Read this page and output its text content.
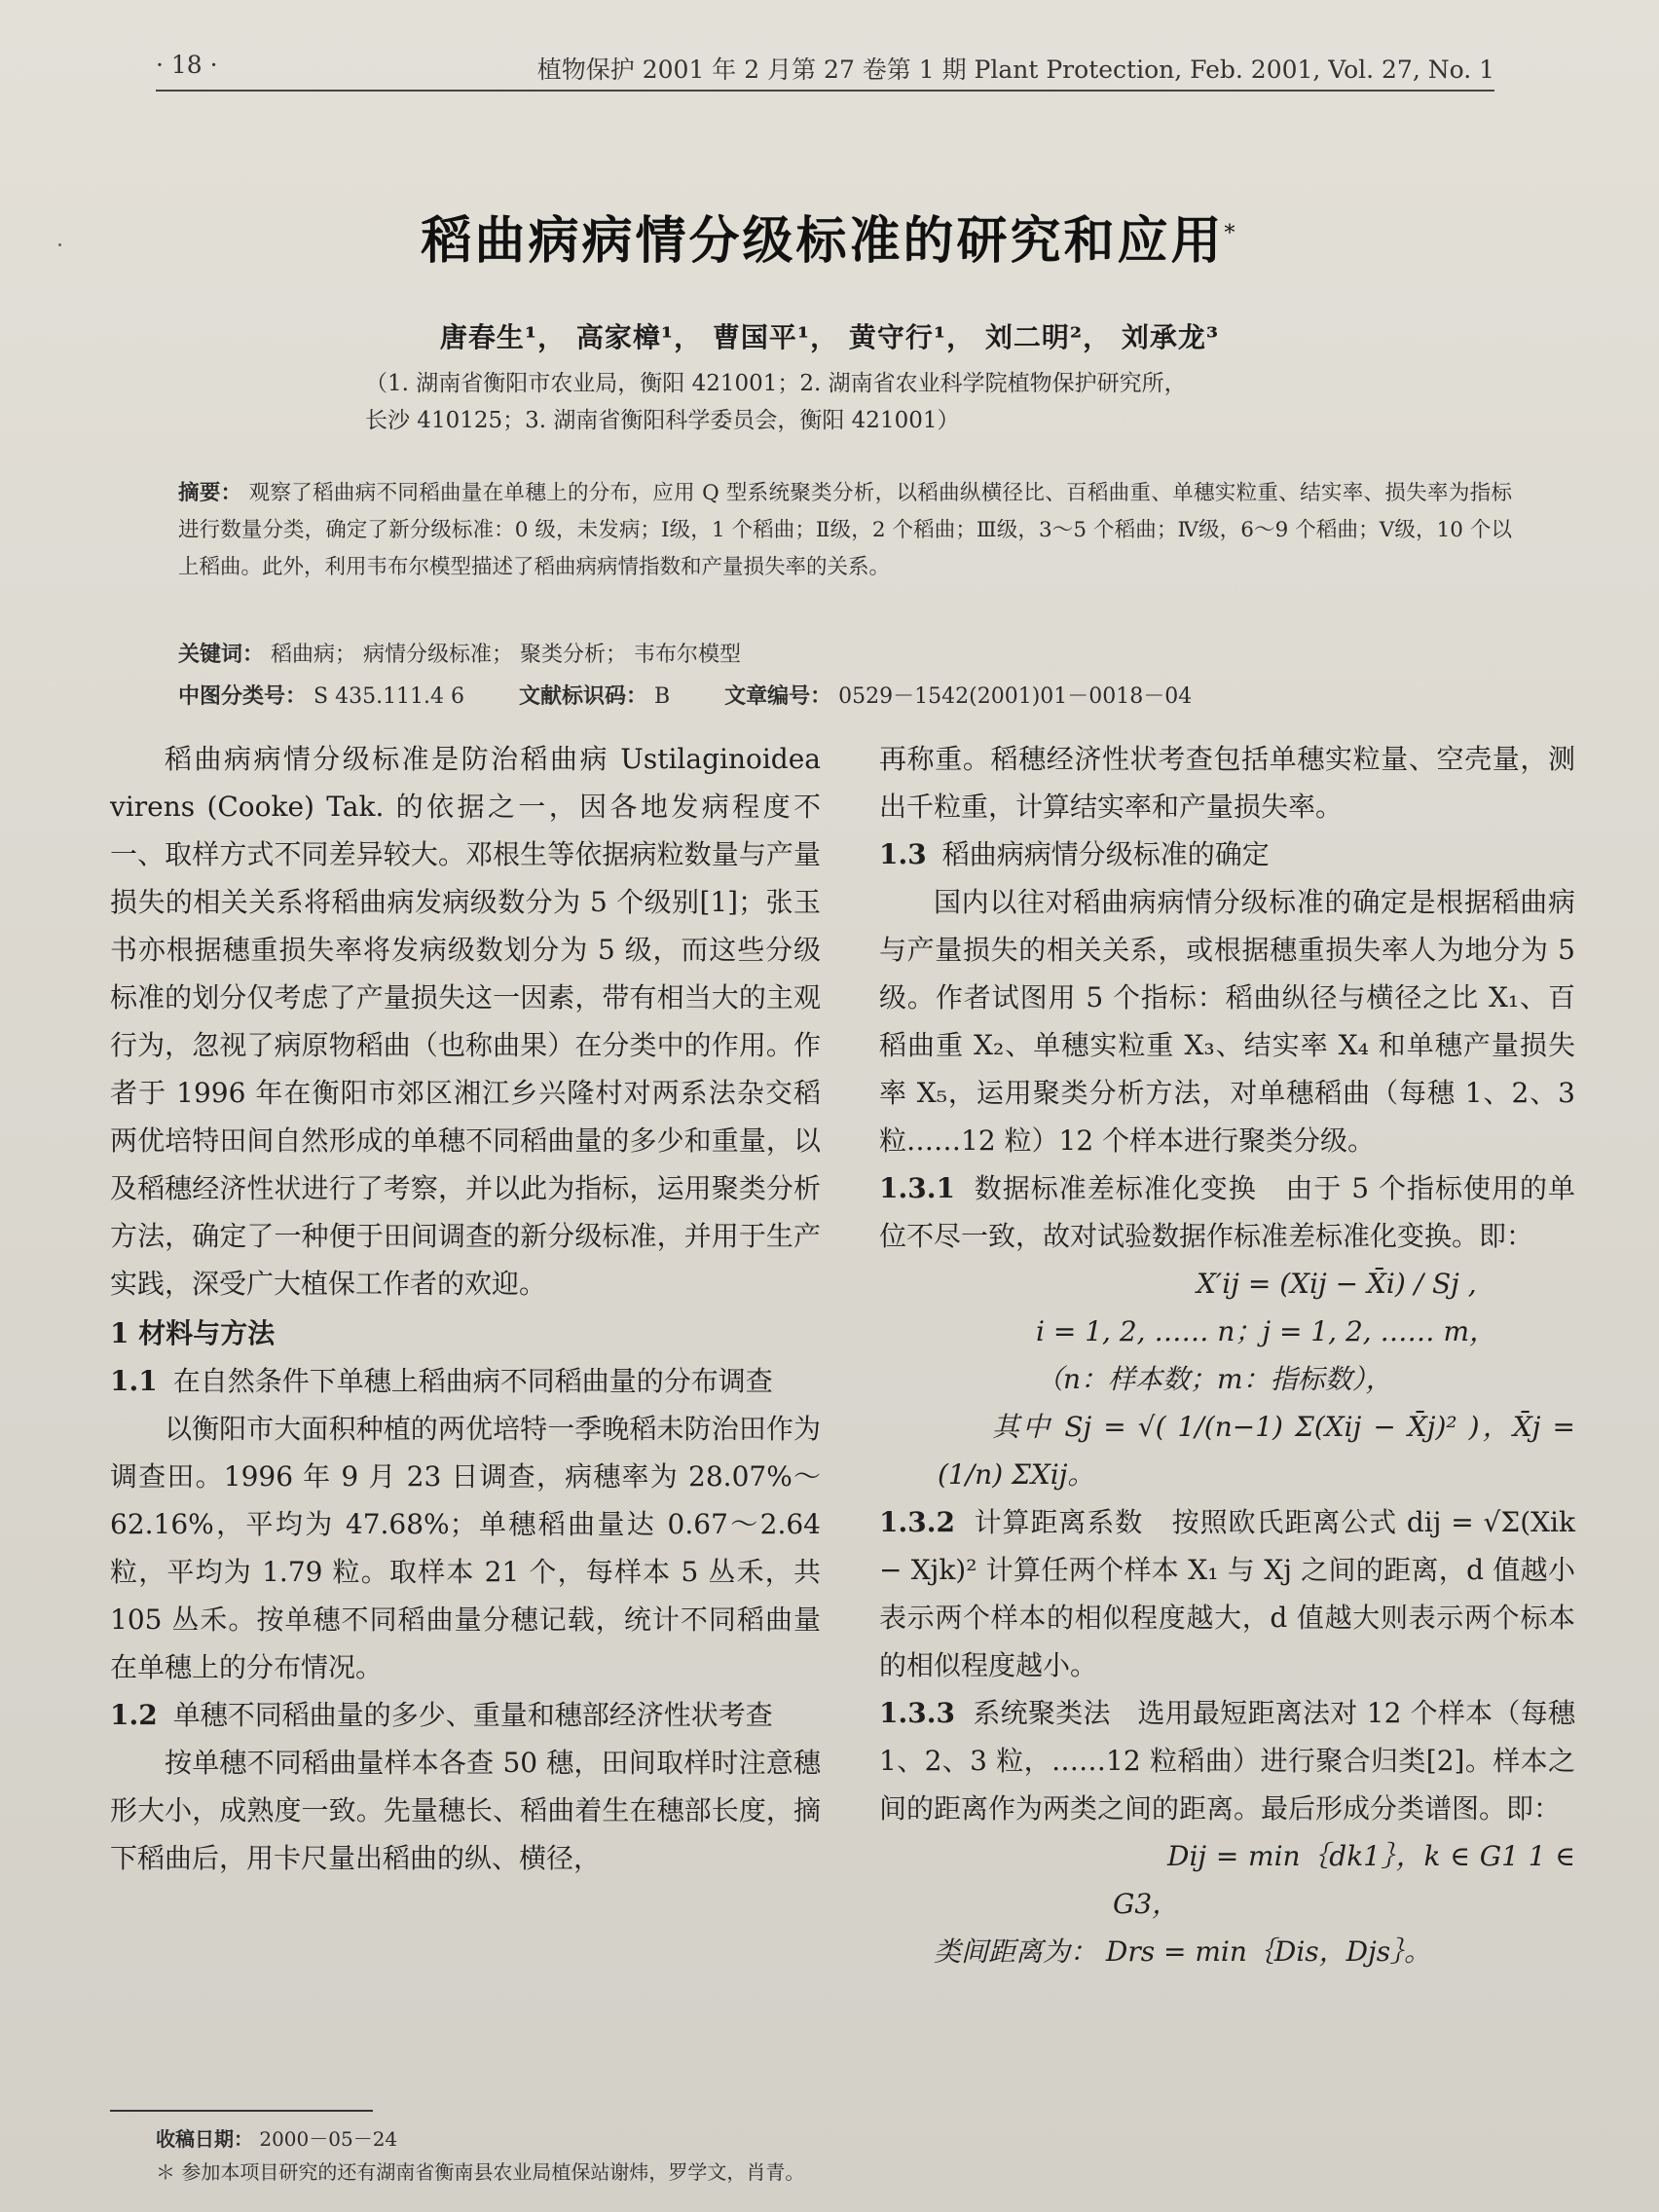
· 18 ·	植物保护 2001 年 2 月第 27 卷第 1 期 Plant Protection, Feb. 2001, Vol. 27, No. 1
稻曲病病情分级标准的研究和应用*
唐春生¹， 高家樟¹， 曹国平¹， 黄守行¹， 刘二明²， 刘承龙³
（1. 湖南省衡阳市农业局，衡阳 421001；2. 湖南省农业科学院植物保护研究所，
长沙 410125；3. 湖南省衡阳科学委员会，衡阳 421001）
摘要： 观察了稻曲病不同稻曲量在单穗上的分布，应用 Q 型系统聚类分析，以稻曲纵横径比、百稻曲重、单穗实粒重、结实率、损失率为指标进行数量分类，确定了新分级标准：0 级，未发病；Ⅰ级，1 个稻曲；Ⅱ级，2 个稻曲；Ⅲ级，3～5 个稻曲；Ⅳ级，6～9 个稻曲；Ⅴ级，10 个以上稻曲。此外，利用韦布尔模型描述了稻曲病病情指数和产量损失率的关系。
关键词： 稻曲病； 病情分级标准； 聚类分析； 韦布尔模型
中图分类号： S 435.111.4 6	文献标识码： B	文章编号： 0529－1542(2001)01－0018－04

稻曲病病情分级标准是防治稻曲病 Ustilaginoidea virens (Cooke) Tak. 的依据之一，因各地发病程度不一、取样方式不同差异较大。邓根生等依据病粒数量与产量损失的相关关系将稻曲病发病级数分为 5 个级别[1]；张玉书亦根据穗重损失率将发病级数划分为 5 级，而这些分级标准的划分仅考虑了产量损失这一因素，带有相当大的主观行为，忽视了病原物稻曲（也称曲果）在分类中的作用。作者于 1996 年在衡阳市郊区湘江乡兴隆村对两系法杂交稻两优培特田间自然形成的单穗不同稻曲量的多少和重量，以及稻穗经济性状进行了考察，并以此为指标，运用聚类分析方法，确定了一种便于田间调查的新分级标准，并用于生产实践，深受广大植保工作者的欢迎。

1 材料与方法

1.1 在自然条件下单穗上稻曲病不同稻曲量的分布调查

以衡阳市大面积种植的两优培特一季晚稻未防治田作为调查田。1996 年 9 月 23 日调查，病穗率为 28.07%～62.16%，平均为 47.68%；单穗稻曲量达 0.67～2.64 粒，平均为 1.79 粒。取样本 21 个，每样本 5 丛禾，共 105 丛禾。按单穗不同稻曲量分穗记载，统计不同稻曲量在单穗上的分布情况。

1.2 单穗不同稻曲量的多少、重量和穗部经济性状考查

按单穗不同稻曲量样本各查 50 穗，田间取样时注意穗形大小，成熟度一致。先量穗长、稻曲着生在穗部长度，摘下稻曲后，用卡尺量出稻曲的纵、横径，

再称重。稻穗经济性状考查包括单穗实粒量、空壳量，测出千粒重，计算结实率和产量损失率。

1.3 稻曲病病情分级标准的确定

国内以往对稻曲病病情分级标准的确定是根据稻曲病与产量损失的相关关系，或根据穗重损失率人为地分为 5 级。作者试图用 5 个指标：稻曲纵径与横径之比 X₁、百稻曲重 X₂、单穗实粒重 X₃、结实率 X₄ 和单穗产量损失率 X₅，运用聚类分析方法，对单穗稻曲（每穗 1、2、3 粒……12 粒）12 个样本进行聚类分级。

1.3.1 数据标准差标准化变换 由于 5 个指标使用的单位不尽一致，故对试验数据作标准差标准化变换。即：

X′ij = (Xij − X̄i) / Sj ,

i = 1, 2, …… n；j = 1, 2, …… m，

（n：样本数；m：指标数），

其中 Sj = √( 1/(n−1) Σ(Xij − X̄j)² )，X̄j = (1/n) ΣXij。

1.3.2 计算距离系数 按照欧氏距离公式 dij = √Σ(Xik − Xjk)² 计算任两个样本 X₁ 与 Xj 之间的距离，d 值越小表示两个样本的相似程度越大，d 值越大则表示两个标本的相似程度越小。

1.3.3 系统聚类法 选用最短距离法对 12 个样本（每穗 1、2、3 粒，……12 粒稻曲）进行聚合归类[2]。样本之间的距离作为两类之间的距离。最后形成分类谱图。即：

Dij = min｛dk1｝，k ∈ G1 1 ∈ G3，

类间距离为： Drs = min｛Dis，Djs｝。

收稿日期： 2000－05－24
＊ 参加本项目研究的还有湖南省衡南县农业局植保站谢炜，罗学文，肖青。
